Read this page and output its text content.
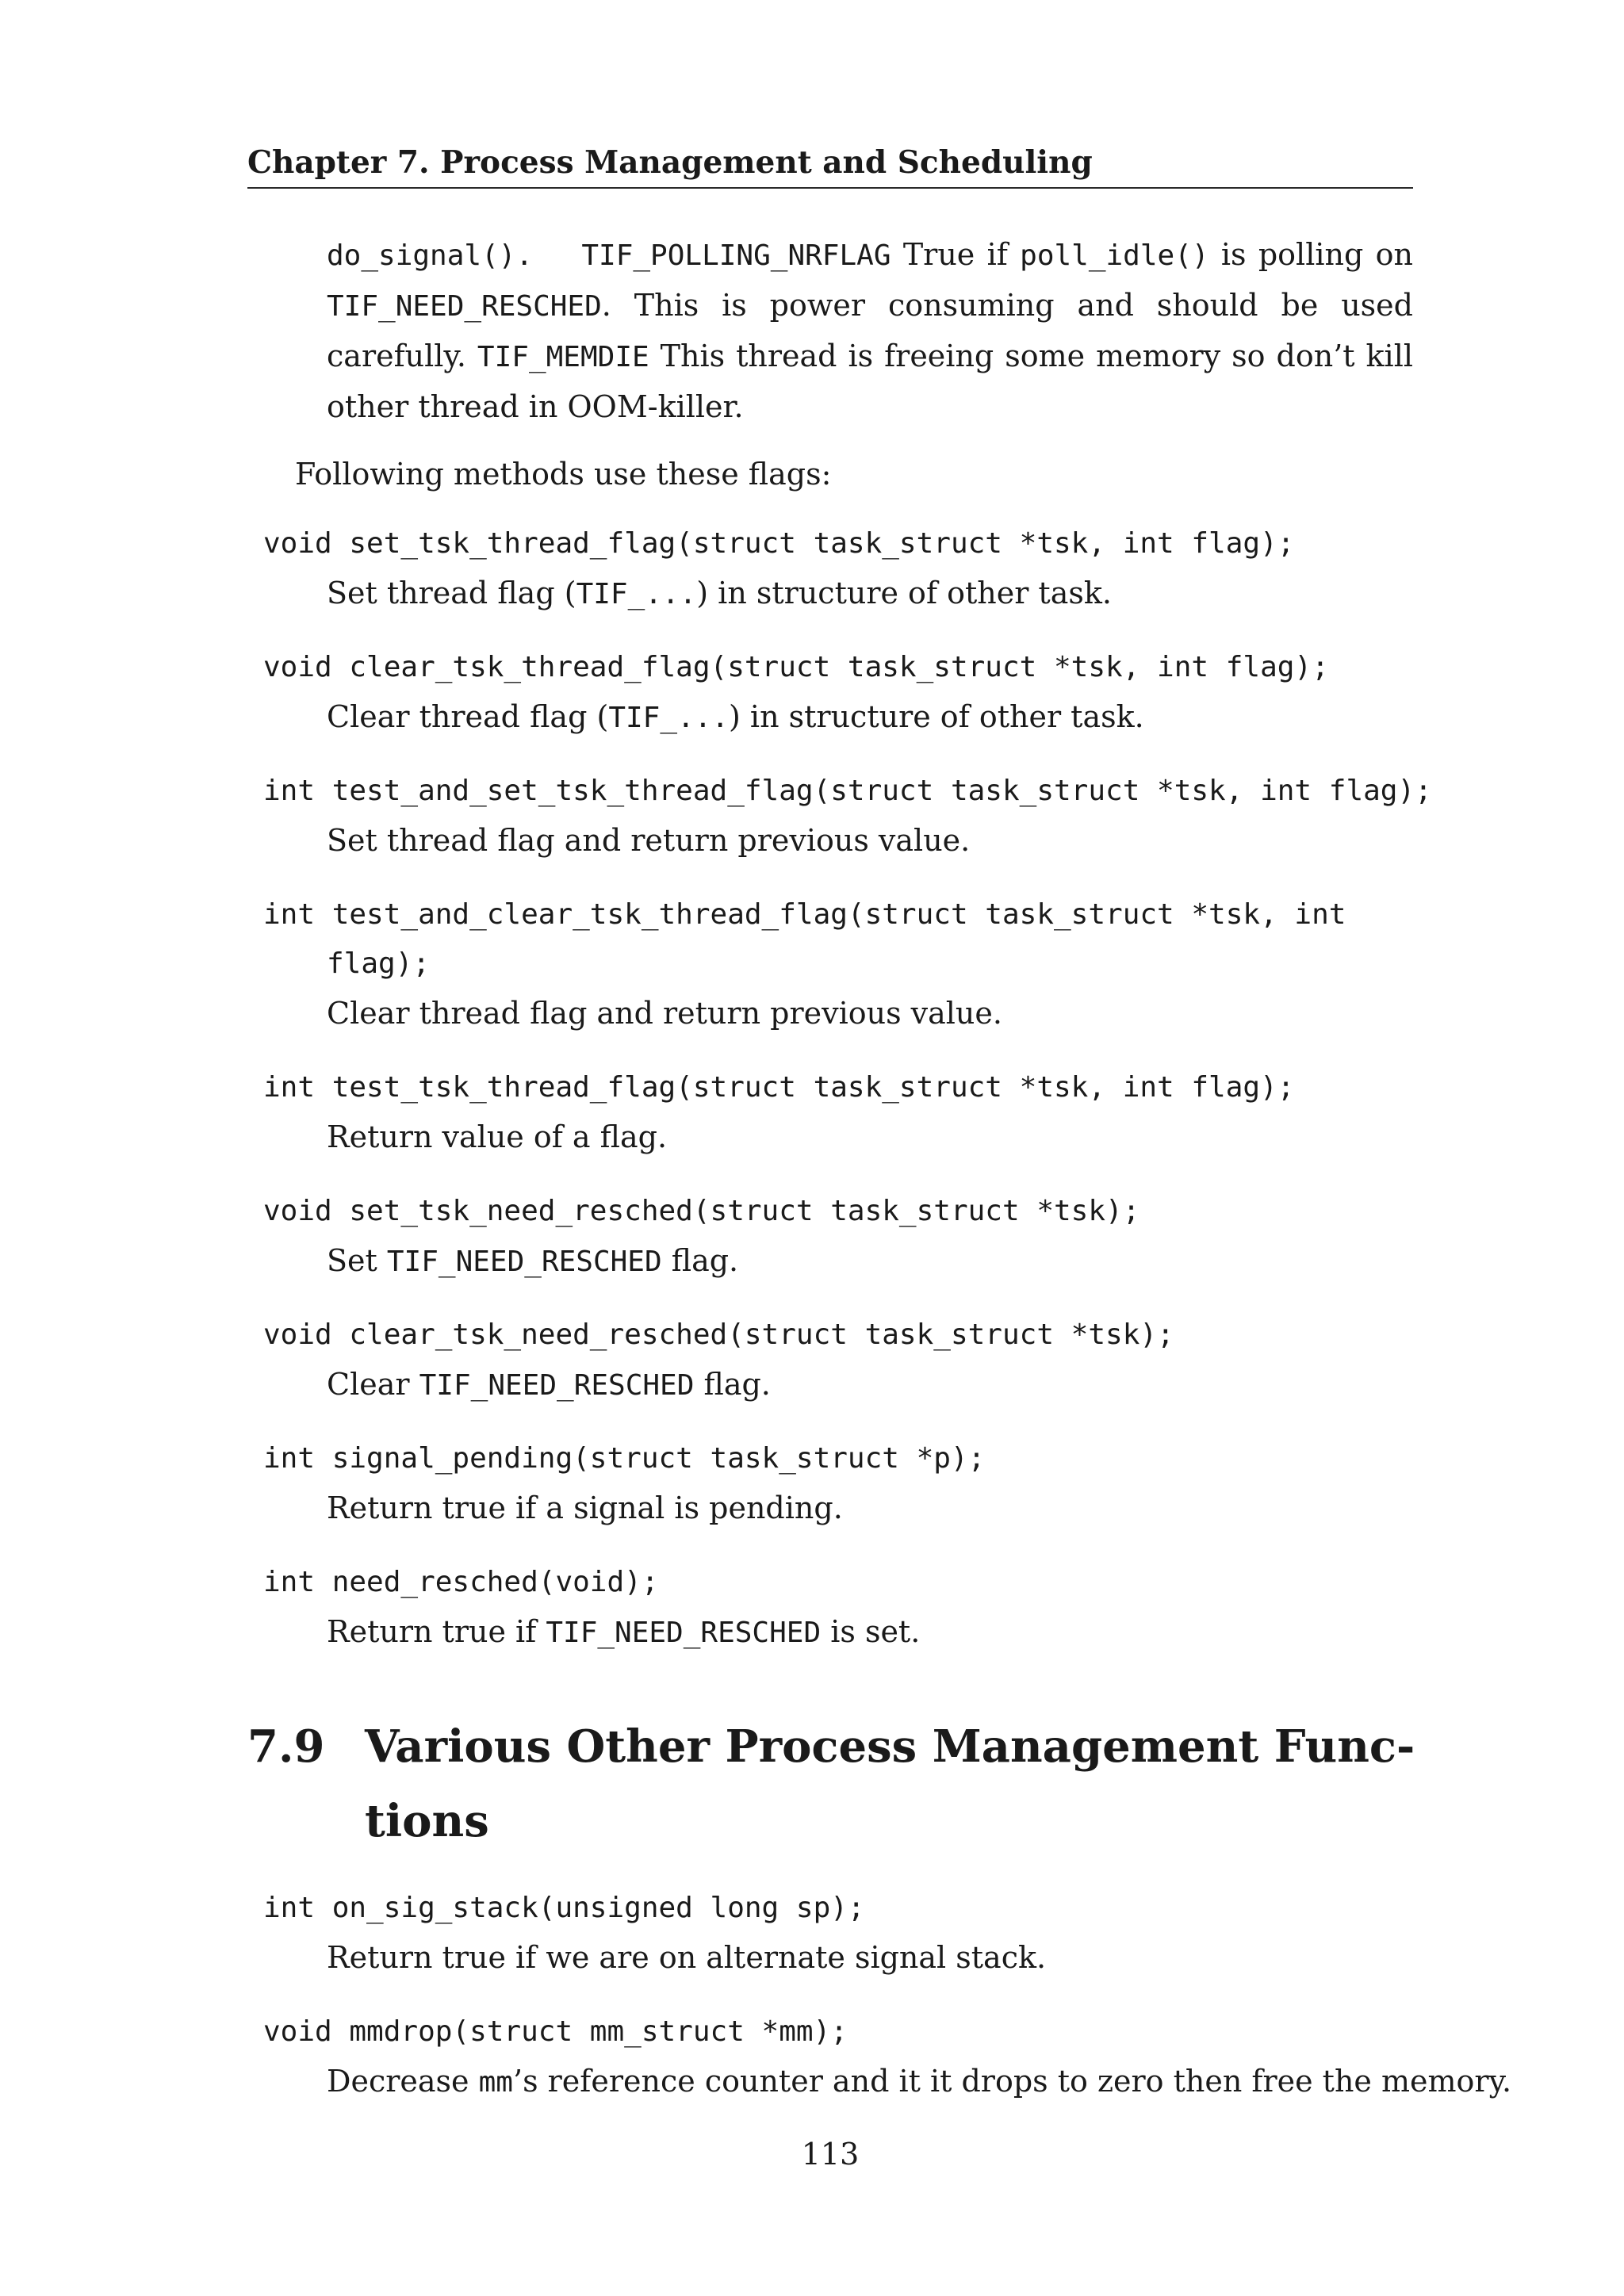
Chapter 7. Process Management and Scheduling
do_signal(). TIF_POLLING_NRFLAG True if poll_idle() is polling on TIF_NEED_RESCHED. This is power consuming and should be used carefully. TIF_MEMDIE This thread is freeing some memory so don’t kill other thread in OOM-killer.
Following methods use these flags:
void set_tsk_thread_flag(struct task_struct *tsk, int flag);
Set thread flag (TIF_...) in structure of other task.
void clear_tsk_thread_flag(struct task_struct *tsk, int flag);
Clear thread flag (TIF_...) in structure of other task.
int test_and_set_tsk_thread_flag(struct task_struct *tsk, int flag);
Set thread flag and return previous value.
int test_and_clear_tsk_thread_flag(struct task_struct *tsk, int
flag);
Clear thread flag and return previous value.
int test_tsk_thread_flag(struct task_struct *tsk, int flag);
Return value of a flag.
void set_tsk_need_resched(struct task_struct *tsk);
Set TIF_NEED_RESCHED flag.
void clear_tsk_need_resched(struct task_struct *tsk);
Clear TIF_NEED_RESCHED flag.
int signal_pending(struct task_struct *p);
Return true if a signal is pending.
int need_resched(void);
Return true if TIF_NEED_RESCHED is set.
7.9 Various Other Process Management Func-
tions
int on_sig_stack(unsigned long sp);
Return true if we are on alternate signal stack.
void mmdrop(struct mm_struct *mm);
Decrease mm’s reference counter and it it drops to zero then free the memory.
113
